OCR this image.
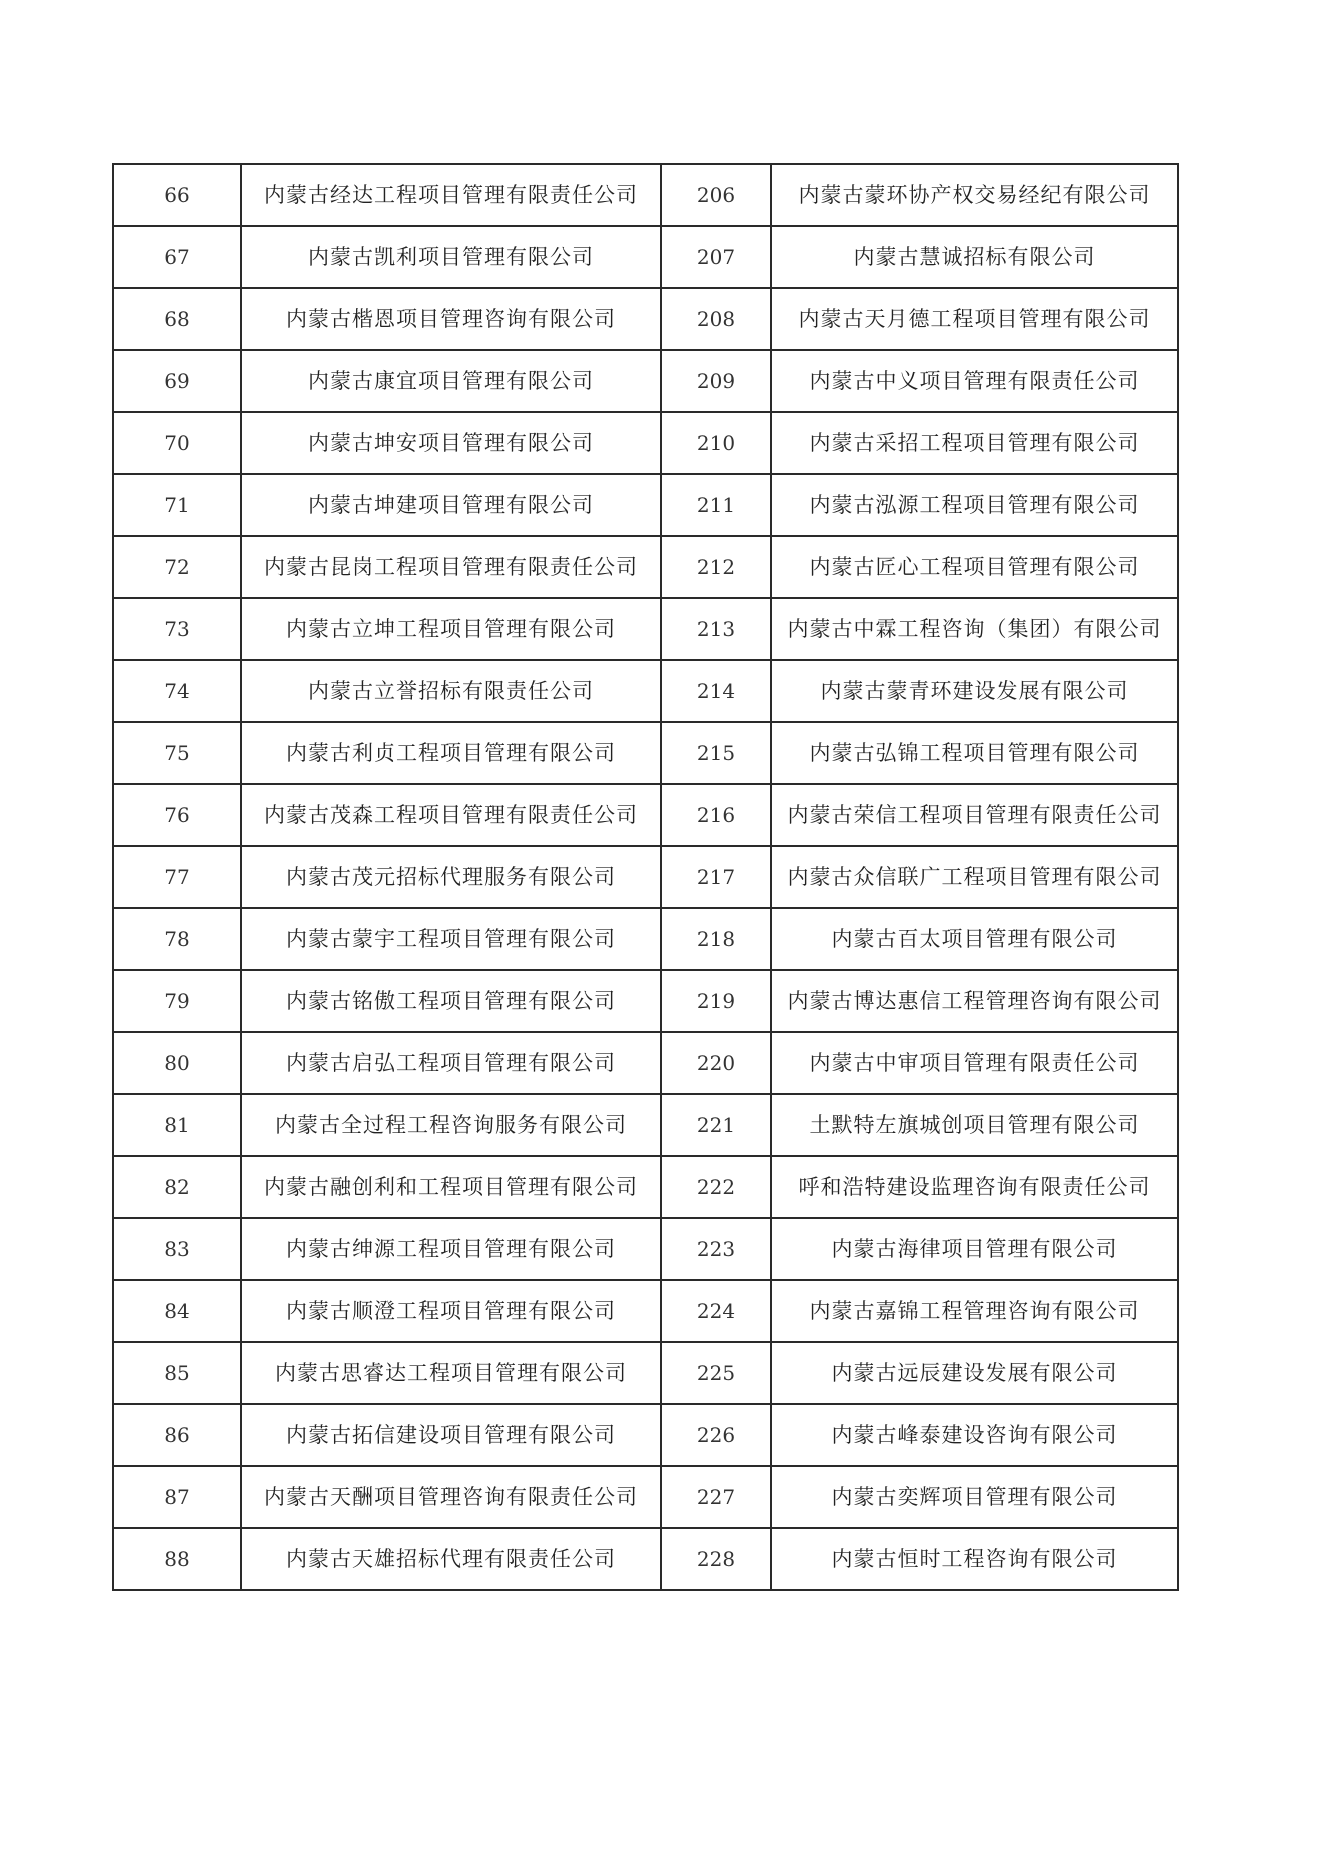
66	内蒙古经达工程项目管理有限责任公司	206	内蒙古蒙环协产权交易经纪有限公司
67	内蒙古凯利项目管理有限公司	207	内蒙古慧诚招标有限公司
68	内蒙古楷恩项目管理咨询有限公司	208	内蒙古天月德工程项目管理有限公司
69	内蒙古康宜项目管理有限公司	209	内蒙古中义项目管理有限责任公司
70	内蒙古坤安项目管理有限公司	210	内蒙古采招工程项目管理有限公司
71	内蒙古坤建项目管理有限公司	211	内蒙古泓源工程项目管理有限公司
72	内蒙古昆岗工程项目管理有限责任公司	212	内蒙古匠心工程项目管理有限公司
73	内蒙古立坤工程项目管理有限公司	213	内蒙古中霖工程咨询（集团）有限公司
74	内蒙古立誉招标有限责任公司	214	内蒙古蒙青环建设发展有限公司
75	内蒙古利贞工程项目管理有限公司	215	内蒙古弘锦工程项目管理有限公司
76	内蒙古茂森工程项目管理有限责任公司	216	内蒙古荣信工程项目管理有限责任公司
77	内蒙古茂元招标代理服务有限公司	217	内蒙古众信联广工程项目管理有限公司
78	内蒙古蒙宇工程项目管理有限公司	218	内蒙古百太项目管理有限公司
79	内蒙古铭傲工程项目管理有限公司	219	内蒙古博达惠信工程管理咨询有限公司
80	内蒙古启弘工程项目管理有限公司	220	内蒙古中审项目管理有限责任公司
81	内蒙古全过程工程咨询服务有限公司	221	土默特左旗城创项目管理有限公司
82	内蒙古融创利和工程项目管理有限公司	222	呼和浩特建设监理咨询有限责任公司
83	内蒙古绅源工程项目管理有限公司	223	内蒙古海律项目管理有限公司
84	内蒙古顺澄工程项目管理有限公司	224	内蒙古嘉锦工程管理咨询有限公司
85	内蒙古思睿达工程项目管理有限公司	225	内蒙古远辰建设发展有限公司
86	内蒙古拓信建设项目管理有限公司	226	内蒙古峰泰建设咨询有限公司
87	内蒙古天酬项目管理咨询有限责任公司	227	内蒙古奕辉项目管理有限公司
88	内蒙古天雄招标代理有限责任公司	228	内蒙古恒时工程咨询有限公司
